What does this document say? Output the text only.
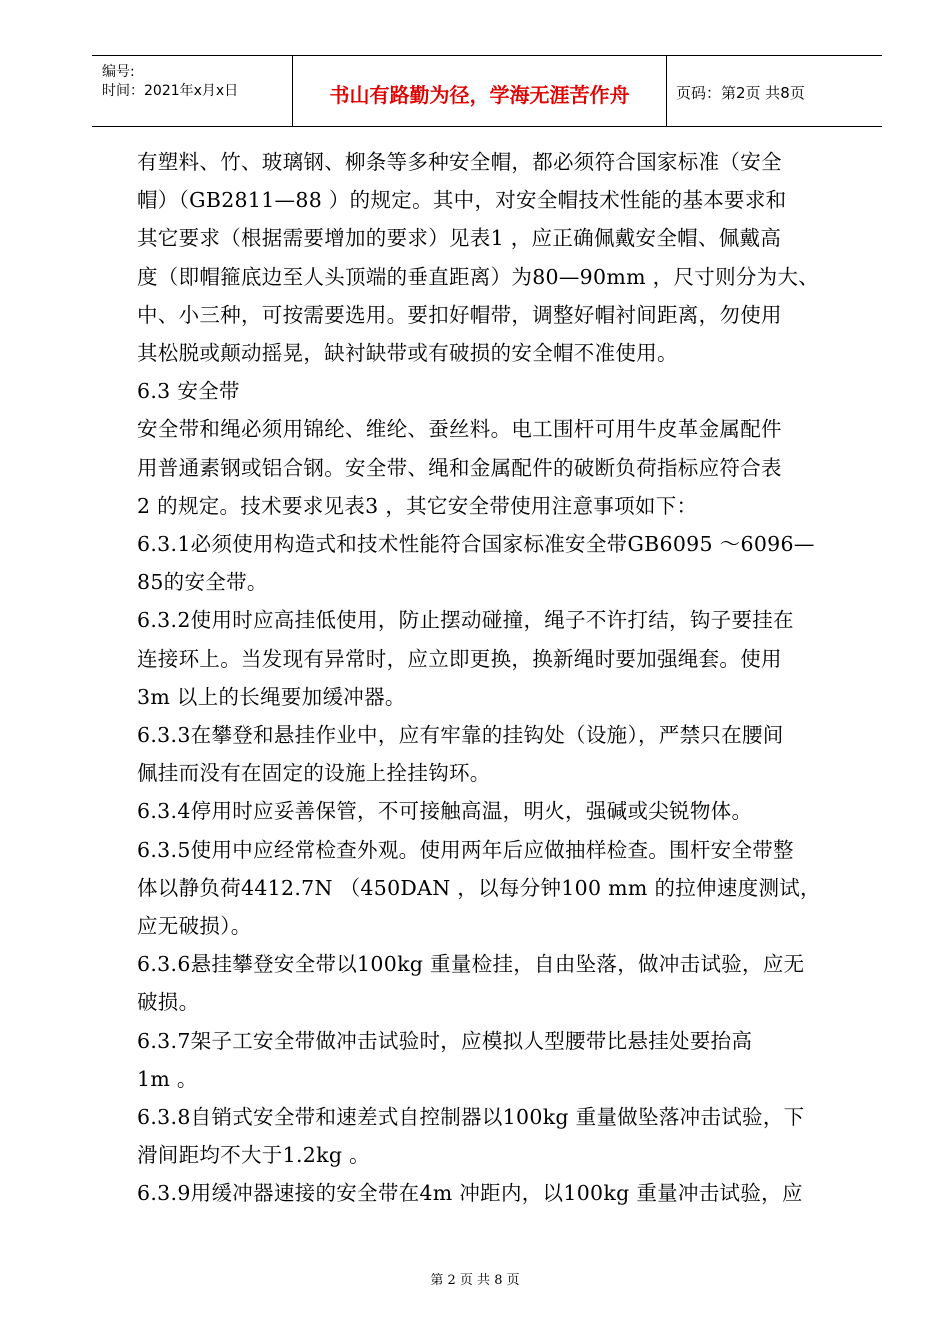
编号:
时间：2021年x月x日	书山有路勤为径，学海无涯苦作舟	页码：第2页 共8页
有塑料、竹、玻璃钢、柳条等多种安全帽，都必须符合国家标准（安全
帽）（GB2811—88 ）的规定。其中，对安全帽技术性能的基本要求和
其它要求（根据需要增加的要求）见表1 ，应正确佩戴安全帽、佩戴高
度（即帽箍底边至人头顶端的垂直距离）为80—90mm ，尺寸则分为大、
中、小三种，可按需要选用。要扣好帽带，调整好帽衬间距离，勿使用
其松脱或颠动摇晃，缺衬缺带或有破损的安全帽不准使用。
6.3 安全带
安全带和绳必须用锦纶、维纶、蚕丝料。电工围杆可用牛皮革金属配件
用普通素钢或铝合钢。安全带、绳和金属配件的破断负荷指标应符合表
2 的规定。技术要求见表3 ，其它安全带使用注意事项如下：
6.3.1必须使用构造式和技术性能符合国家标准安全带GB6095 ～6096—
85的安全带。
6.3.2使用时应高挂低使用，防止摆动碰撞，绳子不许打结，钩子要挂在
连接环上。当发现有异常时，应立即更换，换新绳时要加强绳套。使用
3m 以上的长绳要加缓冲器。
6.3.3在攀登和悬挂作业中，应有牢靠的挂钩处（设施），严禁只在腰间
佩挂而没有在固定的设施上拴挂钩环。
6.3.4停用时应妥善保管，不可接触高温，明火，强碱或尖锐物体。
6.3.5使用中应经常检查外观。使用两年后应做抽样检查。围杆安全带整
体以静负荷4412.7N （450DAN ，以每分钟100 mm 的拉伸速度测试，
应无破损）。
6.3.6悬挂攀登安全带以100kg 重量检挂，自由坠落，做冲击试验，应无
破损。
6.3.7架子工安全带做冲击试验时，应模拟人型腰带比悬挂处要抬高
1m 。
6.3.8自销式安全带和速差式自控制器以100kg 重量做坠落冲击试验，下
滑间距均不大于1.2kg 。
6.3.9用缓冲器速接的安全带在4m 冲距内，以100kg 重量冲击试验，应
第 2 页 共 8 页
